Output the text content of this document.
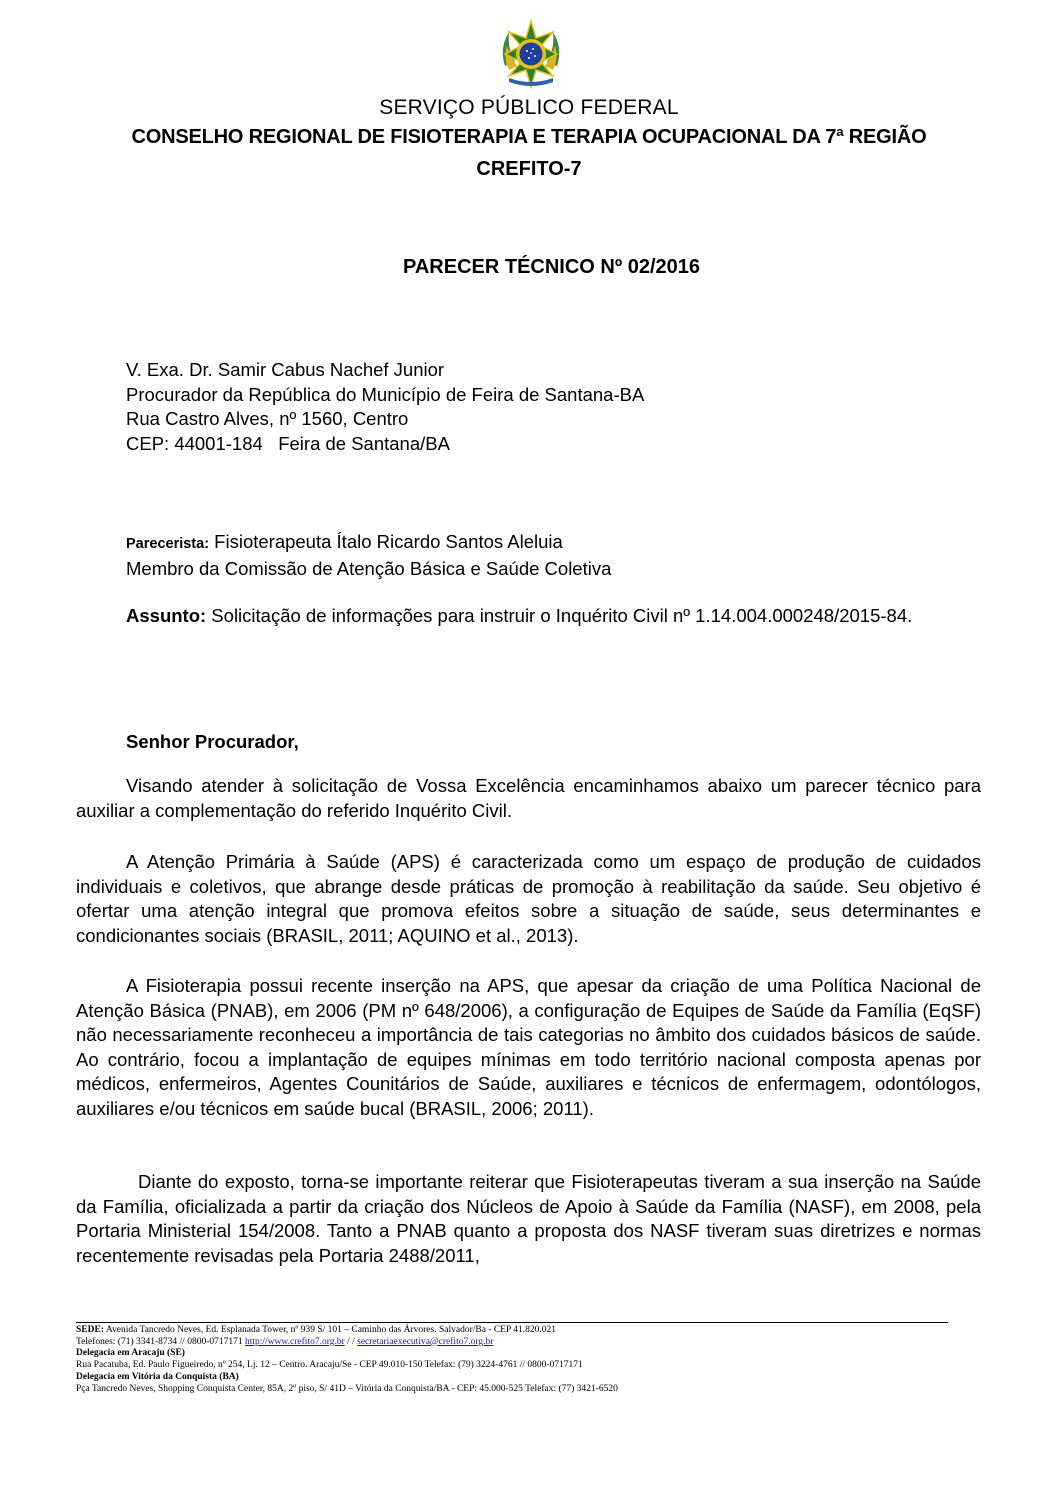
SERVIÇO PÚBLICO FEDERAL
CONSELHO REGIONAL DE FISIOTERAPIA E TERAPIA OCUPACIONAL DA 7ª REGIÃO
CREFITO-7
PARECER TÉCNICO Nº 02/2016
V. Exa. Dr. Samir Cabus Nachef Junior
Procurador da República do Município de Feira de Santana-BA
Rua Castro Alves, nº 1560, Centro
CEP: 44001-184   Feira de Santana/BA
Parecerista: Fisioterapeuta Ítalo Ricardo Santos Aleluia
Membro da Comissão de Atenção Básica e Saúde Coletiva
Assunto: Solicitação de informações para instruir o Inquérito Civil nº 1.14.004.000248/2015-84.
Senhor Procurador,
Visando atender à solicitação de Vossa Excelência encaminhamos abaixo um parecer técnico para auxiliar a complementação do referido Inquérito Civil.
A Atenção Primária à Saúde (APS) é caracterizada como um espaço de produção de cuidados individuais e coletivos, que abrange desde práticas de promoção à reabilitação da saúde. Seu objetivo é ofertar uma atenção integral que promova efeitos sobre a situação de saúde, seus determinantes e condicionantes sociais (BRASIL, 2011; AQUINO et al., 2013).
A Fisioterapia possui recente inserção na APS, que apesar da criação de uma Política Nacional de Atenção Básica (PNAB), em 2006 (PM nº 648/2006), a configuração de Equipes de Saúde da Família (EqSF) não necessariamente reconheceu a importância de tais categorias no âmbito dos cuidados básicos de saúde. Ao contrário, focou a implantação de equipes mínimas em todo território nacional composta apenas por médicos, enfermeiros, Agentes Counitários de Saúde, auxiliares e técnicos de enfermagem, odontólogos, auxiliares e/ou técnicos em saúde bucal (BRASIL, 2006; 2011).
Diante do exposto, torna-se importante reiterar que Fisioterapeutas tiveram a sua inserção na Saúde da Família, oficializada a partir da criação dos Núcleos de Apoio à Saúde da Família (NASF), em 2008, pela Portaria Ministerial 154/2008. Tanto a PNAB quanto a proposta dos NASF tiveram suas diretrizes e normas recentemente revisadas pela Portaria 2488/2011,
SEDE: Avenida Tancredo Neves, Ed. Esplanada Tower, nº 939 S/ 101 – Caminho das Árvores. Salvador/Ba - CEP 41.820.021
Telefones: (71) 3341-8734 // 0800-0717171 http://www.crefito7.org.br / / secretariaexecutiva@crefito7.org.br
Delegacia em Aracaju (SE)
Rua Pacatuba, Ed. Paulo Figueiredo, nº 254, Lj. 12 – Centro. Aracaju/Se - CEP 49.010-150 Telefax: (79) 3224-4761 // 0800-0717171
Delegacia em Vitória da Conquista (BA)
Pça Tancredo Neves, Shopping Conquista Center, 85A, 2º piso, S/ 41D – Vitória da Conquista/BA - CEP: 45.000-525 Telefax: (77) 3421-6520
